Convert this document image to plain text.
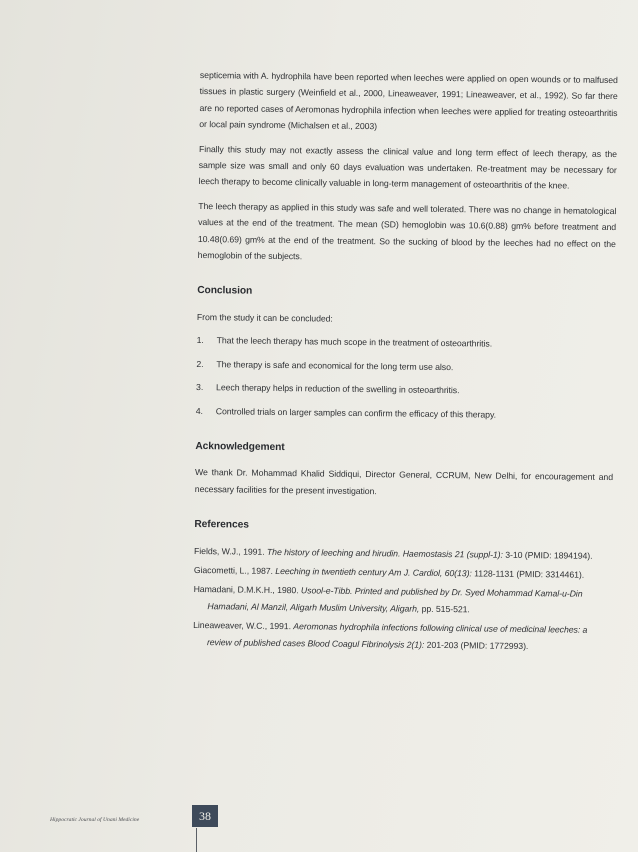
septicemia with A. hydrophila have been reported when leeches were applied on open wounds or to malfused tissues in plastic surgery (Weinfield et al., 2000, Lineaweaver, 1991; Lineaweaver, et al., 1992). So far there are no reported cases of Aeromonas hydrophila infection when leeches were applied for treating osteoarthritis or local pain syndrome (Michalsen et al., 2003)

Finally this study may not exactly assess the clinical value and long term effect of leech therapy, as the sample size was small and only 60 days evaluation was undertaken. Re-treatment may be necessary for leech therapy to become clinically valuable in long-term management of osteoarthritis of the knee.

The leech therapy as applied in this study was safe and well tolerated. There was no change in hematological values at the end of the treatment. The mean (SD) hemoglobin was 10.6(0.88) gm% before treatment and 10.48(0.69) gm% at the end of the treatment. So the sucking of blood by the leeches had no effect on the hemoglobin of the subjects.

Conclusion

From the study it can be concluded:

1.	That the leech therapy has much scope in the treatment of osteoarthritis.
2.	The therapy is safe and economical for the long term use also.
3.	Leech therapy helps in reduction of the swelling in osteoarthritis.
4.	Controlled trials on larger samples can confirm the efficacy of this therapy.
Acknowledgement

We thank Dr. Mohammad Khalid Siddiqui, Director General, CCRUM, New Delhi, for encouragement and necessary facilities for the present investigation.

References
Fields, W.J., 1991. The history of leeching and hirudin. Haemostasis 21 (suppl-1): 3-10 (PMID: 1894194).
Giacometti, L., 1987. Leeching in twentieth century Am J. Cardiol, 60(13): 1128-1131 (PMID: 3314461).
Hamadani, D.M.K.H., 1980. Usool-e-Tibb. Printed and published by Dr. Syed Mohammad Kamal-u-Din Hamadani, Al Manzil, Aligarh Muslim University, Aligarh, pp. 515-521.
Lineaweaver, W.C., 1991. Aeromonas hydrophila infections following clinical use of medicinal leeches: a review of published cases Blood Coagul Fibrinolysis 2(1): 201-203 (PMID: 1772993).
Hippocratic Journal of Unani Medicine	38
